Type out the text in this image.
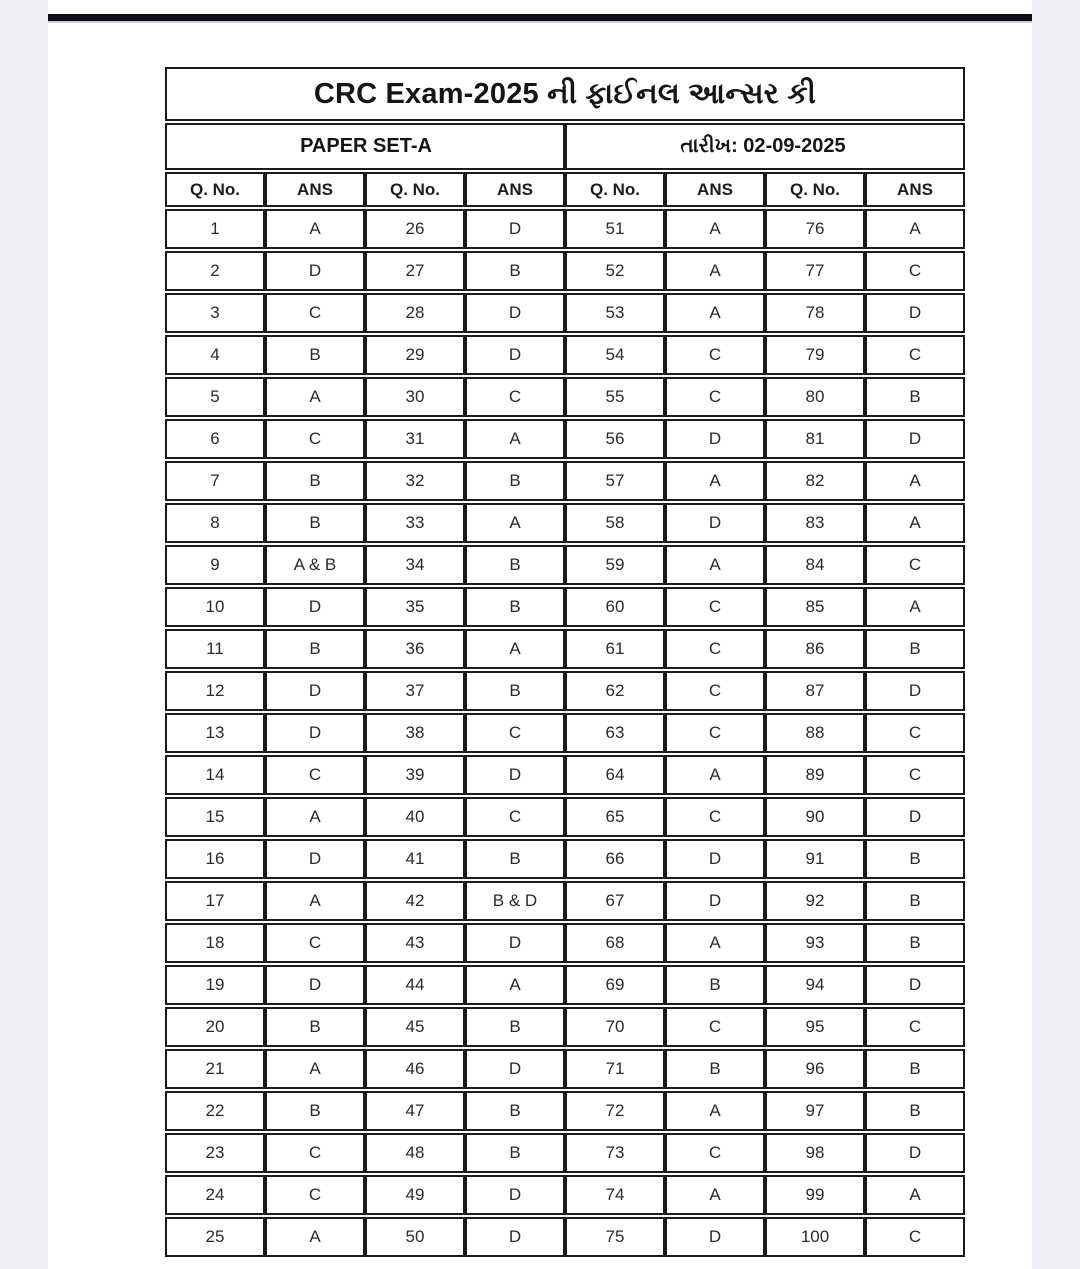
CRC Exam-2025 ની ફાઈનલ આન્સર કી							
PAPER SET-A				તારીખ: 02-09-2025			
Q. No.	ANS	Q. No.	ANS	Q. No.	ANS	Q. No.	ANS
1	A	26	D	51	A	76	A
2	D	27	B	52	A	77	C
3	C	28	D	53	A	78	D
4	B	29	D	54	C	79	C
5	A	30	C	55	C	80	B
6	C	31	A	56	D	81	D
7	B	32	B	57	A	82	A
8	B	33	A	58	D	83	A
9	A & B	34	B	59	A	84	C
10	D	35	B	60	C	85	A
11	B	36	A	61	C	86	B
12	D	37	B	62	C	87	D
13	D	38	C	63	C	88	C
14	C	39	D	64	A	89	C
15	A	40	C	65	C	90	D
16	D	41	B	66	D	91	B
17	A	42	B & D	67	D	92	B
18	C	43	D	68	A	93	B
19	D	44	A	69	B	94	D
20	B	45	B	70	C	95	C
21	A	46	D	71	B	96	B
22	B	47	B	72	A	97	B
23	C	48	B	73	C	98	D
24	C	49	D	74	A	99	A
25	A	50	D	75	D	100	C
